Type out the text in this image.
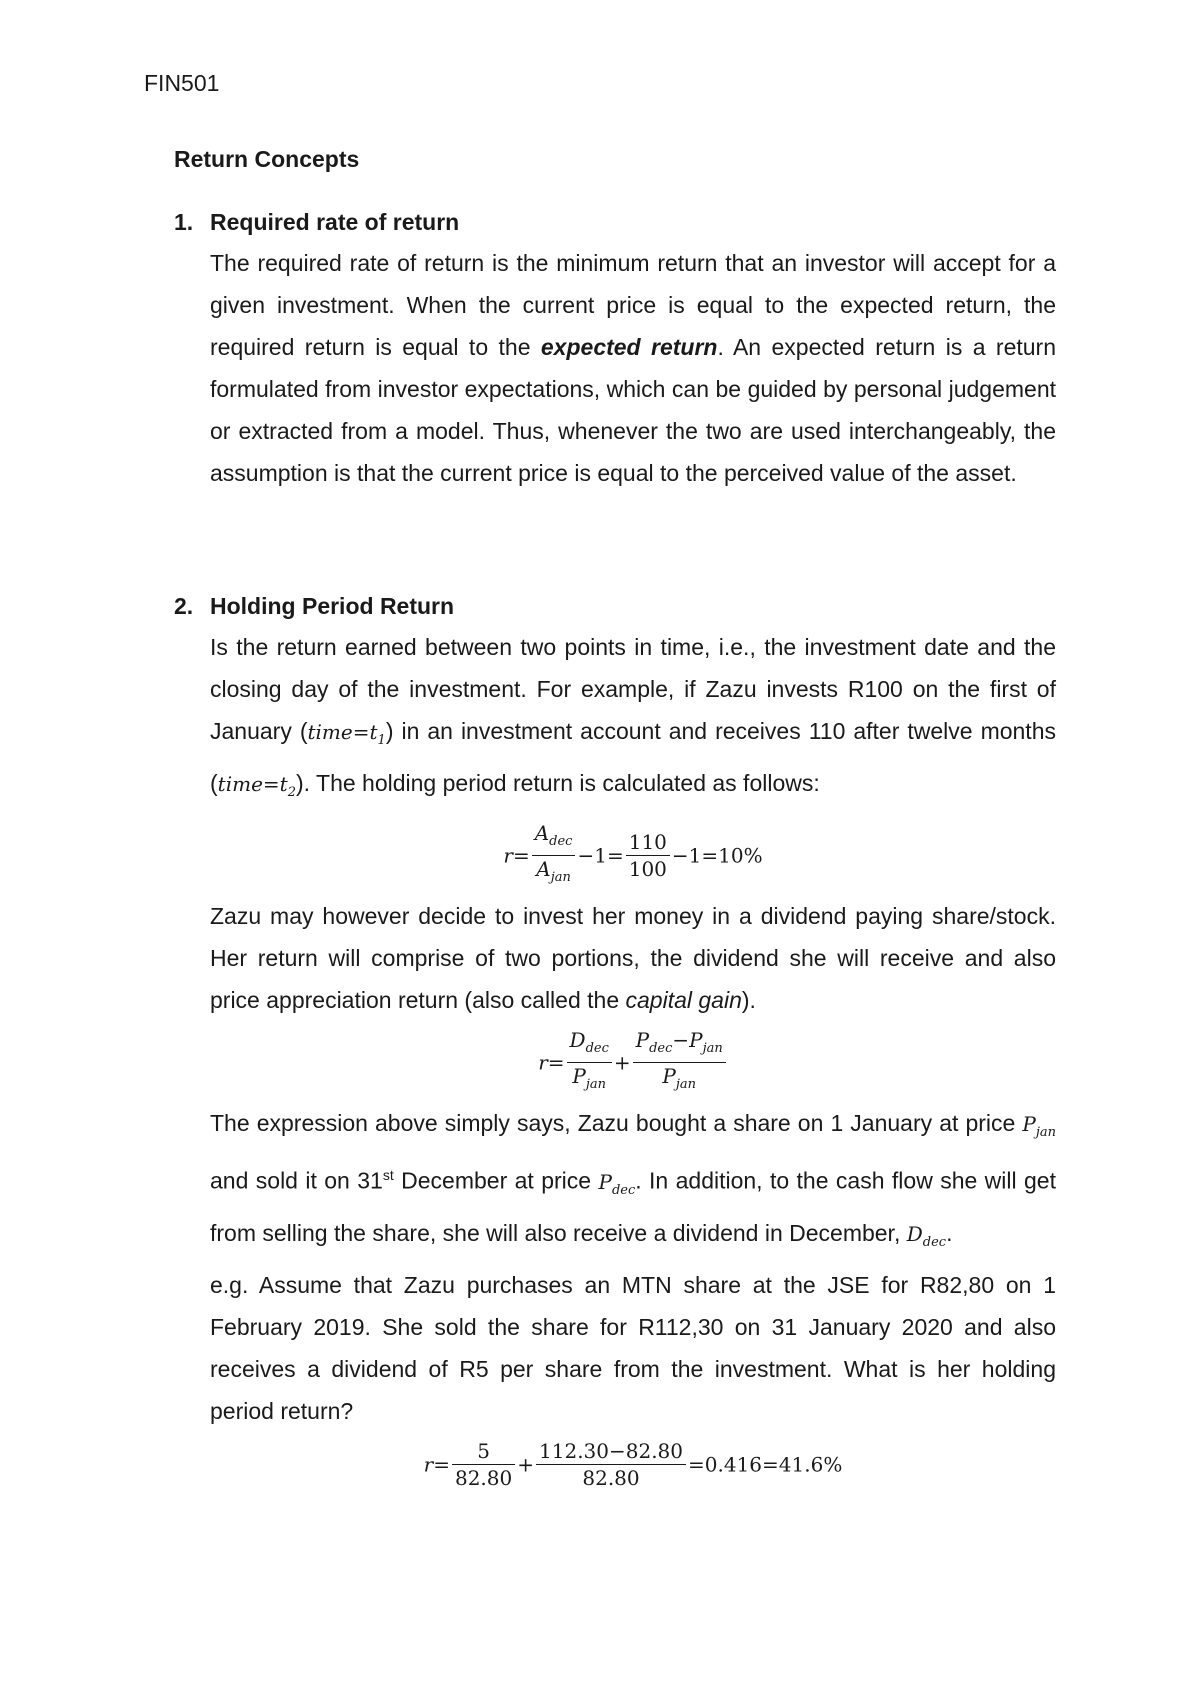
FIN501
Return Concepts
1. Required rate of return

The required rate of return is the minimum return that an investor will accept for a given investment. When the current price is equal to the expected return, the required return is equal to the expected return. An expected return is a return formulated from investor expectations, which can be guided by personal judgement or extracted from a model. Thus, whenever the two are used interchangeably, the assumption is that the current price is equal to the perceived value of the asset.

2. Holding Period Return

Is the return earned between two points in time, i.e., the investment date and the closing day of the investment. For example, if Zazu invests R100 on the first of January $(time=t_1)$ in an investment account and receives 110 after twelve months $(time=t_2)$. The holding period return is calculated as follows:

$r= \frac{A_{dec}}{A_{jan}} -1= \frac{110}{100} -1=10\%$

Zazu may however decide to invest her money in a dividend paying share/stock. Her return will comprise of two portions, the dividend she will receive and also price appreciation return (also called the capital gain).

$r= \frac{D_{dec}}{P_{jan}} + \frac{P_{dec}-P_{jan}}{P_{jan}}$

The expression above simply says, Zazu bought a share on 1 January at price $P_{jan}$ and sold it on 31st December at price $P_{dec}$. In addition, to the cash flow she will get from selling the share, she will also receive a dividend in December, $D_{dec}$.

e.g. Assume that Zazu purchases an MTN share at the JSE for R82,80 on 1 February 2019. She sold the share for R112,30 on 31 January 2020 and also receives a dividend of R5 per share from the investment. What is her holding period return?

$r= \frac{5}{82.80} + \frac{112.30-82.80}{82.80} =0.416=41.6\%$
